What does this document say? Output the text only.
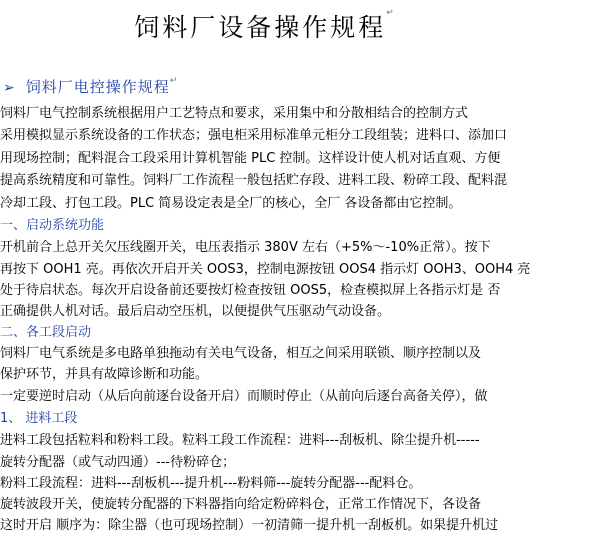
饲料厂设备操作规程↵
➢ 饲料厂电控操作规程↵
饲料厂电气控制系统根据用户工艺特点和要求，采用集中和分散相结合的控制方式
采用模拟显示系统设备的工作状态；强电柜采用标准单元柜分工段组装；进料口、添加口
用现场控制；配料混合工段采用计算机智能 PLC 控制。这样设计使人机对话直观、方便
提高系统精度和可靠性。饲料厂工作流程一般包括贮存段、进料工段、粉碎工段、配料混
冷却工段、打包工段。PLC 简易设定表是全厂的核心，全厂 各设备都由它控制。
一、启动系统功能
开机前合上总开关欠压线圈开关，电压表指示 380V 左右（+5%～-10%正常）。按下
再按下 OOH1 亮。再依次开启开关 OOS3，控制电源按钮 OOS4 指示灯 OOH3、OOH4 亮
处于待启状态。每次开启设备前还要按灯检查按钮 OOS5，检查模拟屏上各指示灯是 否
正确提供人机对话。最后启动空压机，以便提供气压驱动气动设备。
二、各工段启动
饲料厂电气系统是多电路单独拖动有关电气设备，相互之间采用联锁、顺序控制以及
保护环节，并具有故障诊断和功能。
一定要逆时启动（从后向前逐台设备开启）而顺时停止（从前向后逐台高备关停），做
1、 进料工段
进料工段包括粒料和粉料工段。粒料工段工作流程：进料---刮板机、除尘提升机-----
旋转分配器（或气动四通）---待粉碎仓；
粉料工段流程：进料---刮板机---提升机---粉料筛---旋转分配器---配料仓。
旋转波段开关，使旋转分配器的下料器指向给定粉碎料仓，正常工作情况下，各设备
这时开启 顺序为：除尘器（也可现场控制）一初清筛一提升机一刮板机。如果提升机过
